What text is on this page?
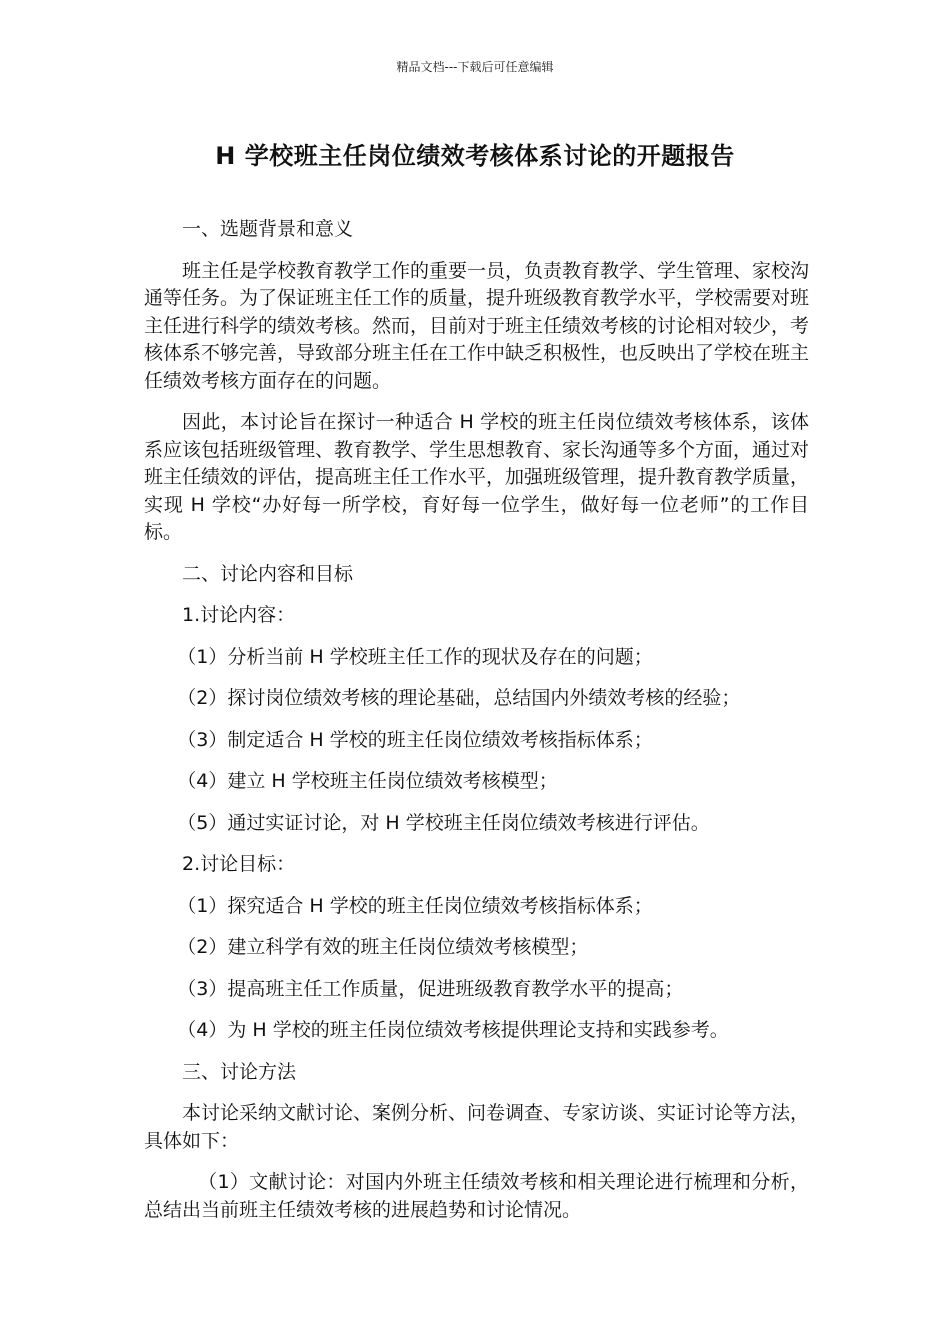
精品文档---下载后可任意编辑
H 学校班主任岗位绩效考核体系讨论的开题报告

一、选题背景和意义

班主任是学校教育教学工作的重要一员，负责教育教学、学生管理、家校沟通等任务。为了保证班主任工作的质量，提升班级教育教学水平，学校需要对班主任进行科学的绩效考核。然而，目前对于班主任绩效考核的讨论相对较少，考核体系不够完善，导致部分班主任在工作中缺乏积极性，也反映出了学校在班主任绩效考核方面存在的问题。

因此，本讨论旨在探讨一种适合 H 学校的班主任岗位绩效考核体系，该体系应该包括班级管理、教育教学、学生思想教育、家长沟通等多个方面，通过对班主任绩效的评估，提高班主任工作水平，加强班级管理，提升教育教学质量，实现 H 学校“办好每一所学校，育好每一位学生，做好每一位老师”的工作目标。

二、讨论内容和目标

1.讨论内容：

（1）分析当前 H 学校班主任工作的现状及存在的问题；

（2）探讨岗位绩效考核的理论基础，总结国内外绩效考核的经验；

（3）制定适合 H 学校的班主任岗位绩效考核指标体系；

（4）建立 H 学校班主任岗位绩效考核模型；

（5）通过实证讨论，对 H 学校班主任岗位绩效考核进行评估。

2.讨论目标：

（1）探究适合 H 学校的班主任岗位绩效考核指标体系；

（2）建立科学有效的班主任岗位绩效考核模型；

（3）提高班主任工作质量，促进班级教育教学水平的提高；

（4）为 H 学校的班主任岗位绩效考核提供理论支持和实践参考。

三、讨论方法

本讨论采纳文献讨论、案例分析、问卷调查、专家访谈、实证讨论等方法，具体如下：

（1）文献讨论：对国内外班主任绩效考核和相关理论进行梳理和分析，总结出当前班主任绩效考核的进展趋势和讨论情况。
